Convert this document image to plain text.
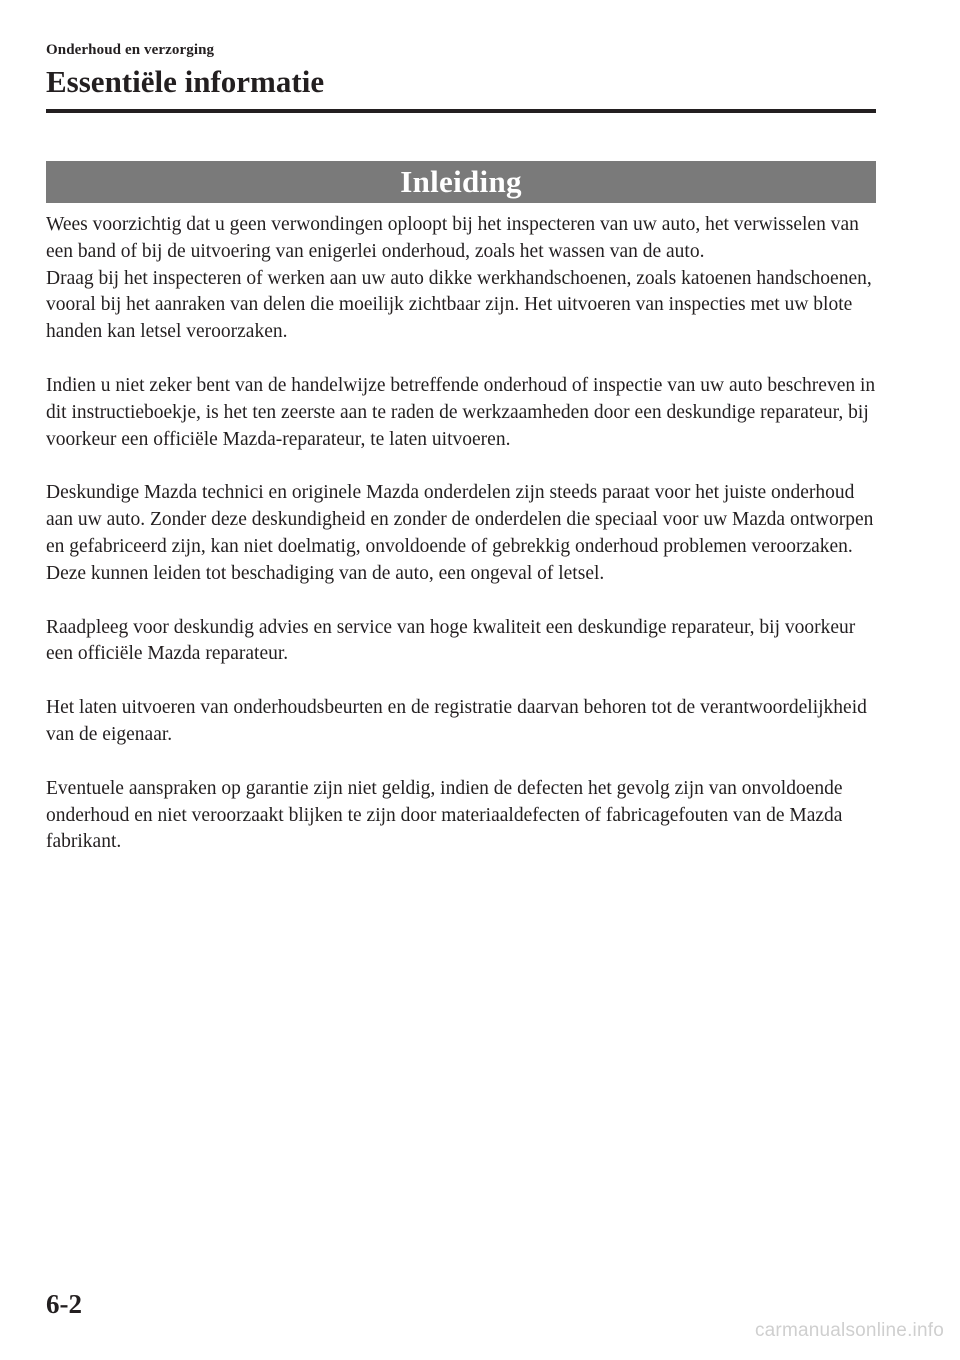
Onderhoud en verzorging
Essentiële informatie
Inleiding

Wees voorzichtig dat u geen verwondingen oploopt bij het inspecteren van uw auto, het verwisselen van een band of bij de uitvoering van enigerlei onderhoud, zoals het wassen van de auto.

Draag bij het inspecteren of werken aan uw auto dikke werkhandschoenen, zoals katoenen handschoenen, vooral bij het aanraken van delen die moeilijk zichtbaar zijn. Het uitvoeren van inspecties met uw blote handen kan letsel veroorzaken.

Indien u niet zeker bent van de handelwijze betreffende onderhoud of inspectie van uw auto beschreven in dit instructieboekje, is het ten zeerste aan te raden de werkzaamheden door een deskundige reparateur, bij voorkeur een officiële Mazda-reparateur, te laten uitvoeren.

Deskundige Mazda technici en originele Mazda onderdelen zijn steeds paraat voor het juiste onderhoud aan uw auto. Zonder deze deskundigheid en zonder de onderdelen die speciaal voor uw Mazda ontworpen en gefabriceerd zijn, kan niet doelmatig, onvoldoende of gebrekkig onderhoud problemen veroorzaken. Deze kunnen leiden tot beschadiging van de auto, een ongeval of letsel.

Raadpleeg voor deskundig advies en service van hoge kwaliteit een deskundige reparateur, bij voorkeur een officiële Mazda reparateur.

Het laten uitvoeren van onderhoudsbeurten en de registratie daarvan behoren tot de verantwoordelijkheid van de eigenaar.

Eventuele aanspraken op garantie zijn niet geldig, indien de defecten het gevolg zijn van onvoldoende onderhoud en niet veroorzaakt blijken te zijn door materiaaldefecten of fabricagefouten van de Mazda fabrikant.

6-2
carmanualsonline.info
